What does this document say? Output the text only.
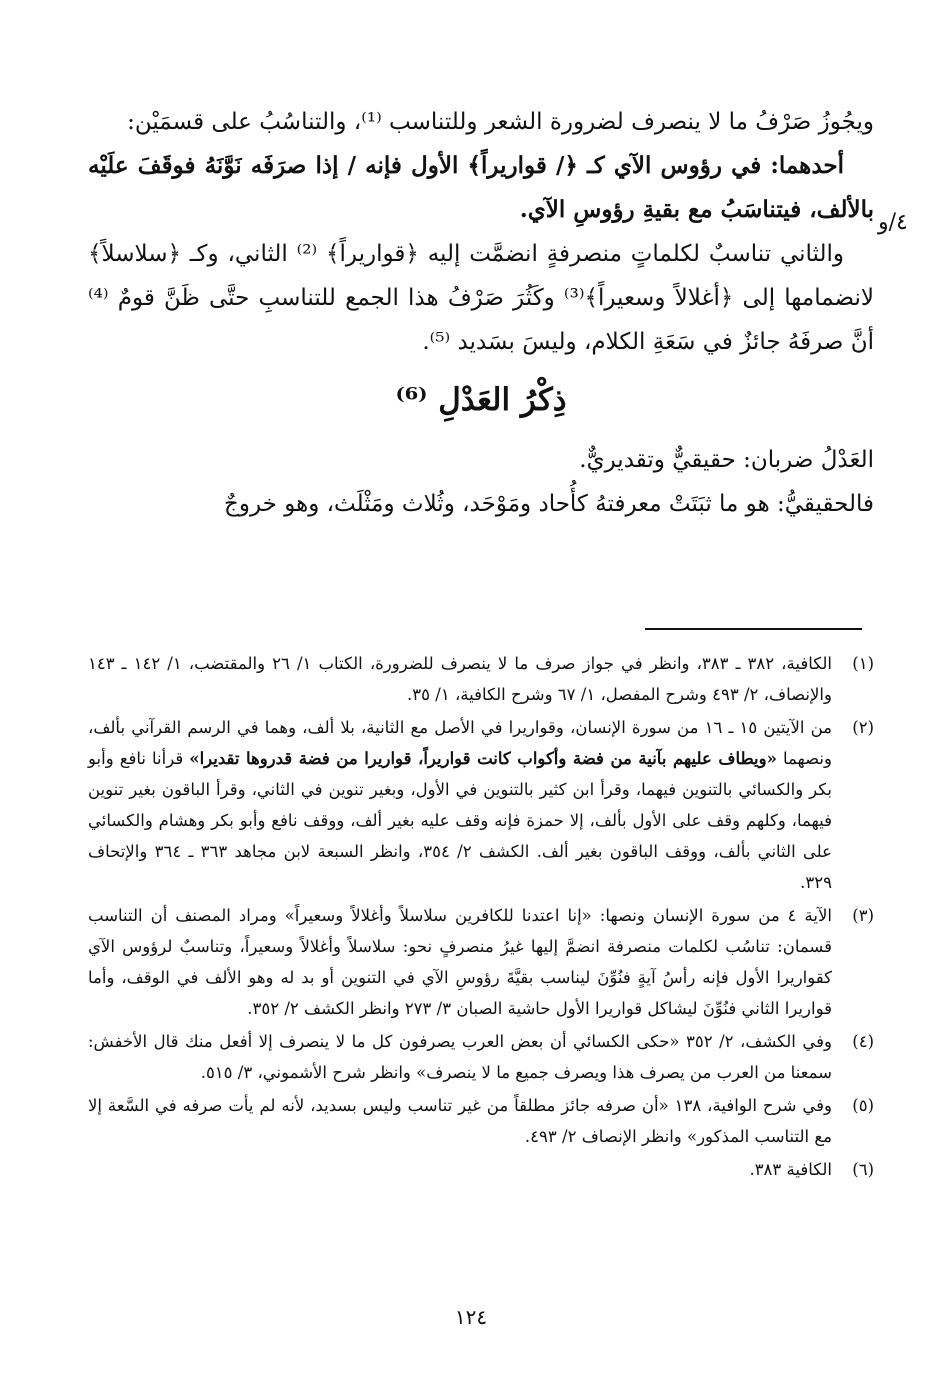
٤/و

ويجُوزُ صَرْفُ ما لا ينصرف لضرورة الشعر وللتناسب ⁽¹⁾، والتناسُبُ على قسمَيْن:

أحدهما: في رؤوس الآي كـ ﴿/ قواريراً﴾ الأول فإنه / إذا صرَفَه نَوَّنَهُ فوقَفَ علَيْه بالألف، فيتناسَبُ مع بقيةِ رؤوسِ الآي.

والثاني تناسبٌ لكلماتٍ منصرفةٍ انضمَّت إليه ﴿قواريراً﴾ ⁽²⁾ الثاني، وكـ ﴿سلاسلاً﴾ لانضمامها إلى ﴿أغلالاً وسعيراً﴾⁽³⁾ وكَثُرَ صَرْفُ هذا الجمع للتناسبِ حتَّى ظَنَّ قومٌ ⁽⁴⁾ أنَّ صرفَهُ جائزٌ في سَعَةِ الكلام، وليسَ بسَديد ⁽⁵⁾.

ذِكْرُ العَدْلِ ⁽⁶⁾

العَدْلُ ضربان: حقيقيٌّ وتقديريٌّ.

فالحقيقيُّ: هو ما ثبَتَتْ معرفتهُ كأُحاد ومَوْحَد، وثُلاث ومَثْلَث، وهو خروجٌ

(١)
الكافية، ٣٨٢ ـ ٣٨٣، وانظر في جواز صرف ما لا ينصرف للضرورة، الكتاب ١/ ٢٦ والمقتضب، ١/ ١٤٢ ـ ١٤٣ والإنصاف، ٢/ ٤٩٣ وشرح المفصل، ١/ ٦٧ وشرح الكافية، ١/ ٣٥.
(٢)
من الآيتين ١٥ ـ ١٦ من سورة الإنسان، وقواريرا في الأصل مع الثانية، بلا ألف، وهما في الرسم القرآني بألف، ونصهما «ويطاف عليهم بآنية من فضة وأكواب كانت قواريراً، قواريرا من فضة قدروها تقديرا» قرأنا نافع وأبو بكر والكسائي بالتنوين فيهما، وقرأ ابن كثير بالتنوين في الأول، وبغير تنوين في الثاني، وقرأ الباقون بغير تنوين فيهما، وكلهم وقف على الأول بألف، إلا حمزة فإنه وقف عليه بغير ألف، ووقف نافع وأبو بكر وهشام والكسائي على الثاني بألف، ووقف الباقون بغير ألف. الكشف ٢/ ٣٥٤، وانظر السبعة لابن مجاهد ٣٦٣ ـ ٣٦٤ والإتحاف ٣٢٩.
(٣)
الآية ٤ من سورة الإنسان ونصها: «إنا اعتدنا للكافرين سلاسلاً وأغلالاً وسعيراً» ومراد المصنف أن التناسب قسمان: تناسُب لكلمات منصرفة انضمَّ إليها غيرُ منصرفٍ نحو: سلاسلاً وأغلالاً وسعيراً، وتناسبٌ لرؤوس الآي كقواريرا الأول فإنه رأسُ آيةٍ فنُوِّنَ ليناسب بقيَّةَ رؤوسِ الآي في التنوين أو بد له وهو الألف في الوقف، وأما قواريرا الثاني فنُوِّنَ ليشاكل قواريرا الأول حاشية الصبان ٣/ ٢٧٣ وانظر الكشف ٢/ ٣٥٢.
(٤)
وفي الكشف، ٢/ ٣٥٢ «حكى الكسائي أن بعض العرب يصرفون كل ما لا ينصرف إلا أفعل منك قال الأخفش: سمعنا من العرب من يصرف هذا ويصرف جميع ما لا ينصرف» وانظر شرح الأشموني، ٣/ ٥١٥.
(٥)
وفي شرح الوافية، ١٣٨ «أن صرفه جائز مطلقاً من غير تناسب وليس بسديد، لأنه لم يأت صرفه في السَّعة إلا مع التناسب المذكور» وانظر الإنصاف ٢/ ٤٩٣.
(٦)
الكافية ٣٨٣.
١٢٤
